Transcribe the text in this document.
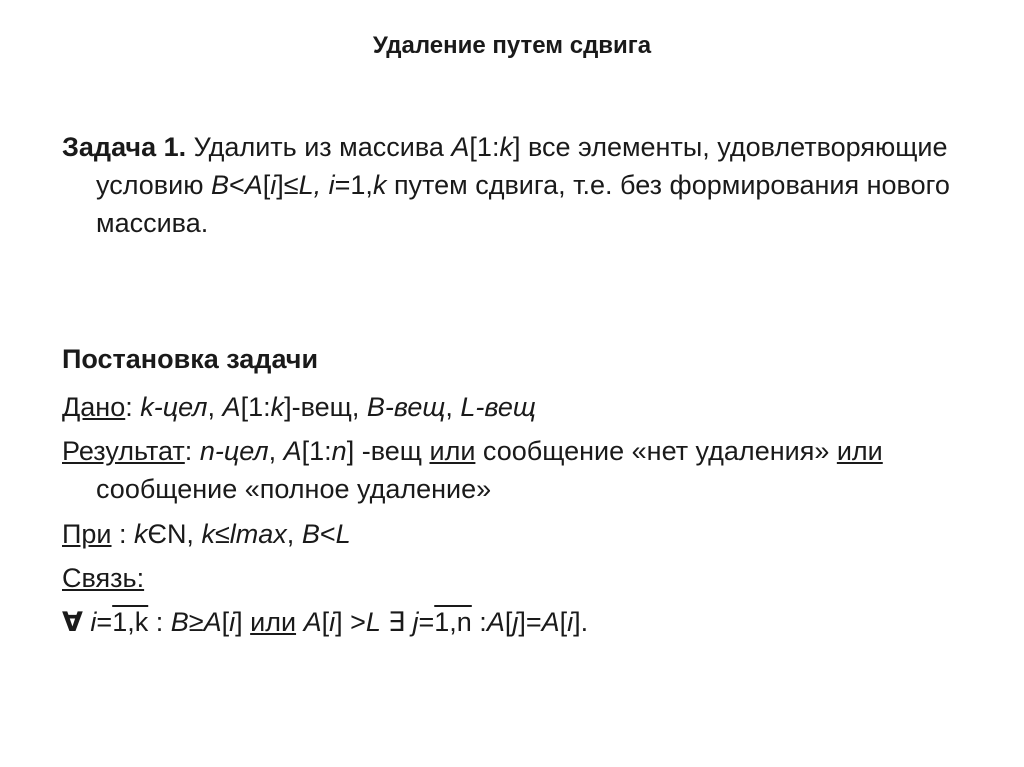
Удаление путем сдвига
Задача 1. Удалить из массива A[1:k] все элементы, удовлетворяющие условию B<A[i]≤L, i=1,k путем сдвига, т.е. без формирования нового массива.
Постановка задачи
Дано: k-цел, A[1:k]-вещ, B-вещ, L-вещ
Результат: n-цел, A[1:n] -вещ или сообщение «нет удаления» или сообщение «полное удаление»
При : kЄN, k≤lmax, B<L
Связь:
∀ i=1,k : B≥A[i] или A[i] >L ∃ j=1,n :A[j]=A[i].
